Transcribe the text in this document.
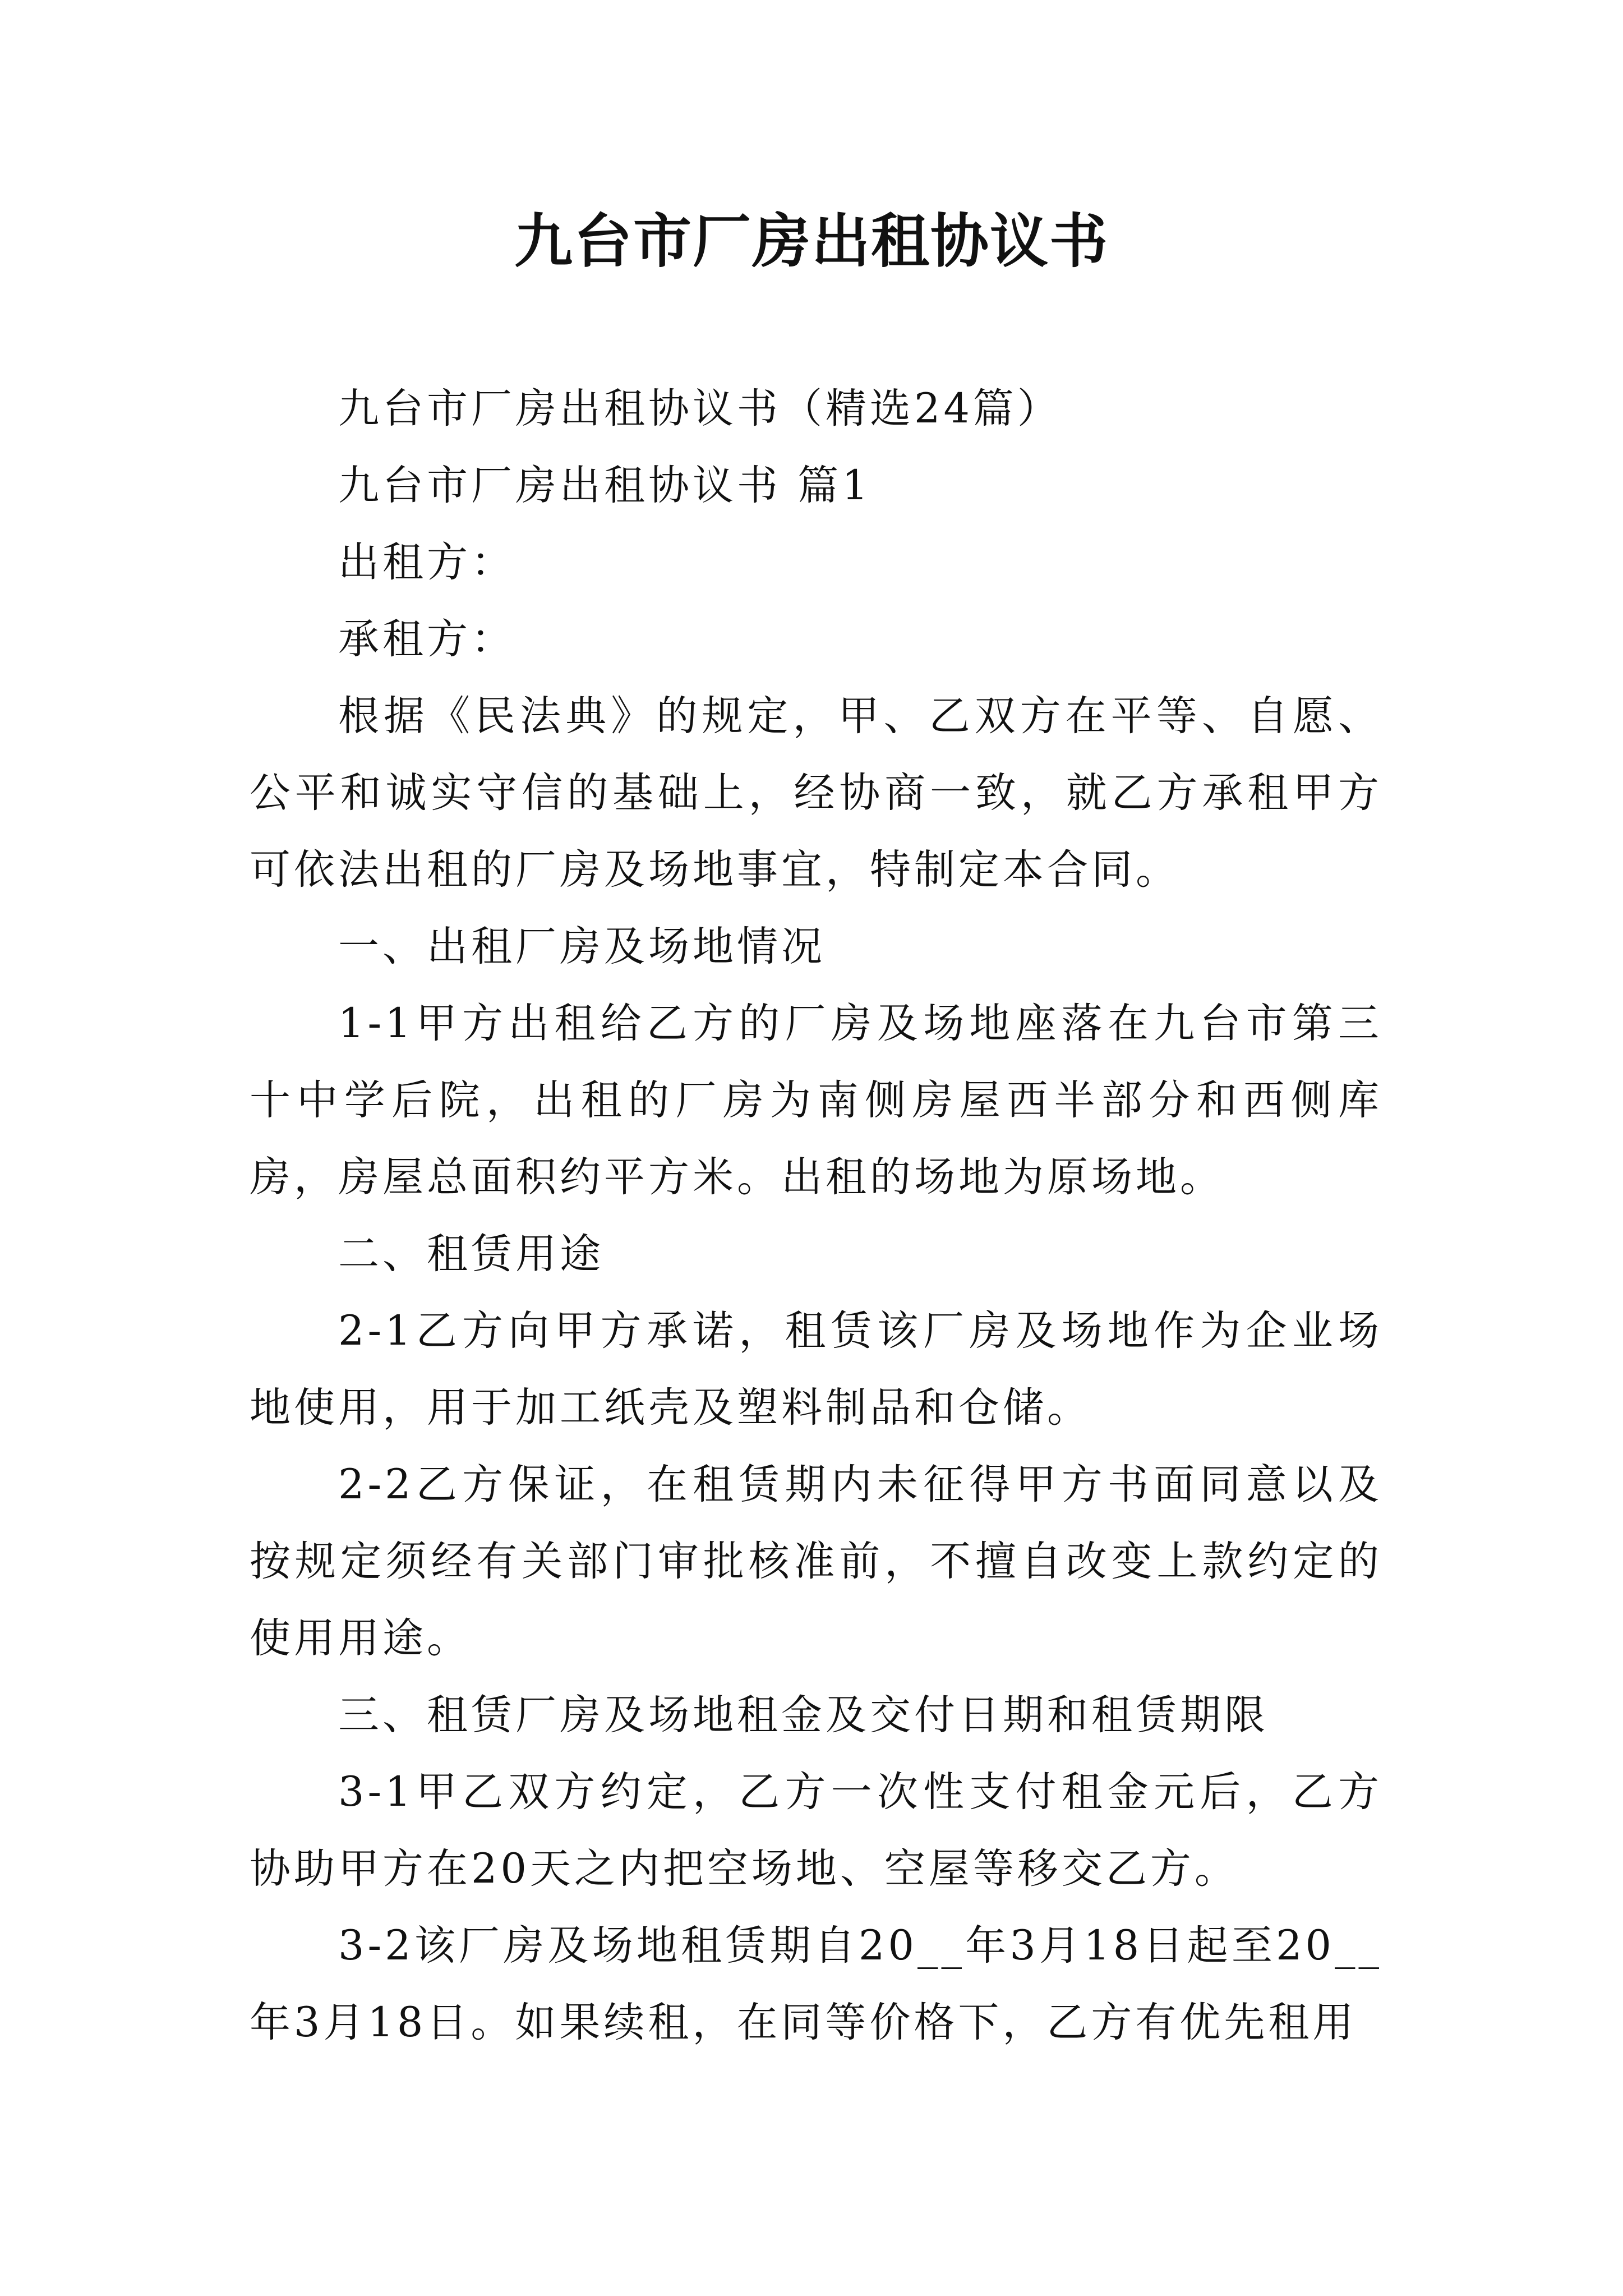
九台市厂房出租协议书

九台市厂房出租协议书（精选24篇）

九台市厂房出租协议书 篇1

出租方：

承租方：

根据《民法典》的规定，甲、乙双方在平等、自愿、公平和诚实守信的基础上，经协商一致，就乙方承租甲方可依法出租的厂房及场地事宜，特制定本合同。

一、出租厂房及场地情况

1-1甲方出租给乙方的厂房及场地座落在九台市第三十中学后院，出租的厂房为南侧房屋西半部分和西侧库房，房屋总面积约平方米。出租的场地为原场地。

二、租赁用途

2-1乙方向甲方承诺，租赁该厂房及场地作为企业场地使用，用于加工纸壳及塑料制品和仓储。

2-2乙方保证，在租赁期内未征得甲方书面同意以及按规定须经有关部门审批核准前，不擅自改变上款约定的使用用途。

三、租赁厂房及场地租金及交付日期和租赁期限

3-1甲乙双方约定，乙方一次性支付租金元后，乙方协助甲方在20天之内把空场地、空屋等移交乙方。

3-2该厂房及场地租赁期自20__年3月18日起至20__年3月18日。如果续租，在同等价格下，乙方有优先租用
